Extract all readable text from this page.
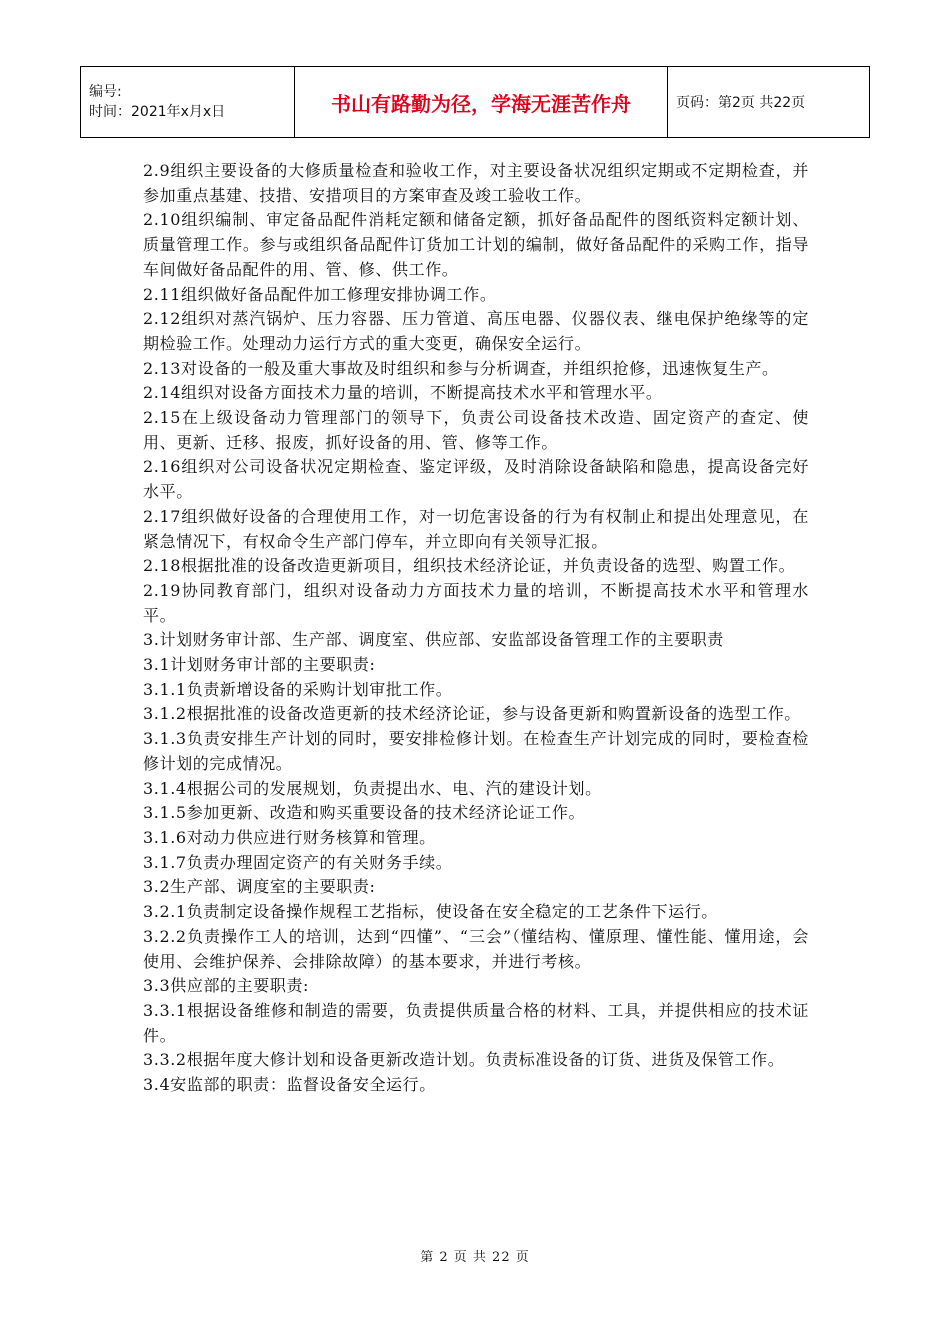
编号:
时间：2021年x月x日	书山有路勤为径，学海无涯苦作舟	页码：第2页 共22页

2.9组织主要设备的大修质量检查和验收工作，对主要设备状况组织定期或不定期检查，并参加重点基建、技措、安措项目的方案审查及竣工验收工作。

2.10组织编制、审定备品配件消耗定额和储备定额，抓好备品配件的图纸资料定额计划、质量管理工作。参与或组织备品配件订货加工计划的编制，做好备品配件的采购工作，指导车间做好备品配件的用、管、修、供工作。

2.11组织做好备品配件加工修理安排协调工作。

2.12组织对蒸汽锅炉、压力容器、压力管道、高压电器、仪器仪表、继电保护绝缘等的定期检验工作。处理动力运行方式的重大变更，确保安全运行。

2.13对设备的一般及重大事故及时组织和参与分析调查，并组织抢修，迅速恢复生产。

2.14组织对设备方面技术力量的培训，不断提高技术水平和管理水平。

2.15在上级设备动力管理部门的领导下，负责公司设备技术改造、固定资产的查定、使用、更新、迁移、报废，抓好设备的用、管、修等工作。

2.16组织对公司设备状况定期检查、鉴定评级，及时消除设备缺陷和隐患，提高设备完好水平。

2.17组织做好设备的合理使用工作，对一切危害设备的行为有权制止和提出处理意见，在紧急情况下，有权命令生产部门停车，并立即向有关领导汇报。

2.18根据批准的设备改造更新项目，组织技术经济论证，并负责设备的选型、购置工作。

2.19协同教育部门，组织对设备动力方面技术力量的培训，不断提高技术水平和管理水平。

3.计划财务审计部、生产部、调度室、供应部、安监部设备管理工作的主要职责

3.1计划财务审计部的主要职责:

3.1.1负责新增设备的采购计划审批工作。

3.1.2根据批准的设备改造更新的技术经济论证，参与设备更新和购置新设备的选型工作。

3.1.3负责安排生产计划的同时，要安排检修计划。在检查生产计划完成的同时，要检查检修计划的完成情况。

3.1.4根据公司的发展规划，负责提出水、电、汽的建设计划。

3.1.5参加更新、改造和购买重要设备的技术经济论证工作。

3.1.6对动力供应进行财务核算和管理。

3.1.7负责办理固定资产的有关财务手续。

3.2生产部、调度室的主要职责:

3.2.1负责制定设备操作规程工艺指标，使设备在安全稳定的工艺条件下运行。

3.2.2负责操作工人的培训，达到“四懂”、“三会”（懂结构、懂原理、懂性能、懂用途，会使用、会维护保养、会排除故障）的基本要求，并进行考核。

3.3供应部的主要职责:

3.3.1根据设备维修和制造的需要，负责提供质量合格的材料、工具，并提供相应的技术证件。

3.3.2根据年度大修计划和设备更新改造计划。负责标准设备的订货、进货及保管工作。

3.4安监部的职责：监督设备安全运行。

第 2 页 共 22 页
